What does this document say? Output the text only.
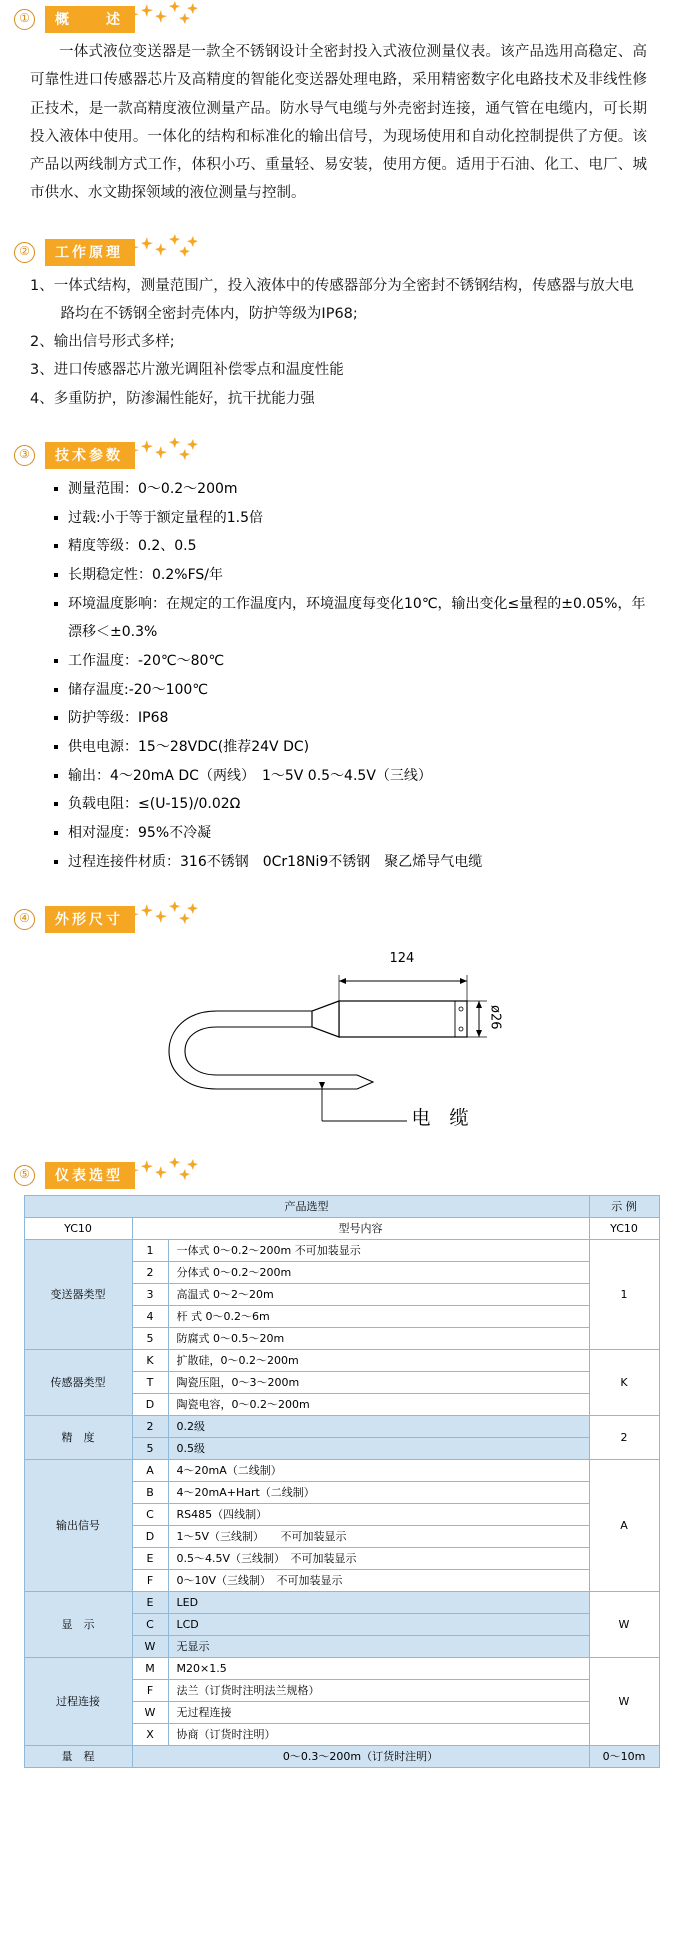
①	概　　述
一体式液位变送器是一款全不锈钢设计全密封投入式液位测量仪表。该产品选用高稳定、高可靠性进口传感器芯片及高精度的智能化变送器处理电路，采用精密数字化电路技术及非线性修正技术，是一款高精度液位测量产品。防水导气电缆与外壳密封连接，通气管在电缆内，可长期投入液体中使用。一体化的结构和标准化的输出信号，为现场使用和自动化控制提供了方便。该产品以两线制方式工作，体积小巧、重量轻、易安装，使用方便。适用于石油、化工、电厂、城市供水、水文勘探领域的液位测量与控制。
②	工作原理
1、一体式结构，测量范围广，投入液体中的传感器部分为全密封不锈钢结构，传感器与放大电路均在不锈钢全密封壳体内，防护等级为IP68;
2、输出信号形式多样;
3、进口传感器芯片激光调阻补偿零点和温度性能
4、多重防护，防渗漏性能好，抗干扰能力强
③	技术参数
测量范围：0～0.2～200m
过载:小于等于额定量程的1.5倍
精度等级：0.2、0.5
长期稳定性：0.2%FS/年
环境温度影响：在规定的工作温度内，环境温度每变化10℃，输出变化≤量程的±0.05%，年漂移＜±0.3%
工作温度：-20℃～80℃
储存温度:-20～100℃
防护等级：IP68
供电电源：15～28VDC(推荐24V DC)
输出：4～20mA DC（两线）　1～5V 0.5～4.5V（三线）
负载电阻：≤(U-15)/0.02Ω
相对湿度：95%不冷凝
过程连接件材质：316不锈钢　0Cr18Ni9不锈钢　聚乙烯导气电缆
④	外形尺寸
124
ø26
电　缆
⑤	仪表选型
产品选型			示 例
YC10	型号内容		YC10
变送器类型	1	一体式 0～0.2～200m 不可加装显示	1
	2	分体式 0～0.2～200m	
	3	高温式 0～2～20m	
	4	杆 式 0～0.2～6m	
	5	防腐式 0～0.5～20m	
传感器类型	K	扩散硅，0～0.2～200m	K
	T	陶瓷压阻，0～3～200m	
	D	陶瓷电容，0～0.2～200m	
精　度	2	0.2级	2
	5	0.5级	
输出信号	A	4～20mA（二线制）	A
	B	4～20mA+Hart（二线制）	
	C	RS485（四线制）	
	D	1～5V（三线制）　　不可加装显示	
	E	0.5～4.5V（三线制）　不可加装显示	
	F	0～10V（三线制）　不可加装显示	
显　示	E	LED	W
	C	LCD	
	W	无显示	
过程连接	M	M20×1.5	W
	F	法兰（订货时注明法兰规格）	
	W	无过程连接	
	X	协商（订货时注明）	
量　程	0～0.3～200m（订货时注明）		0～10m
